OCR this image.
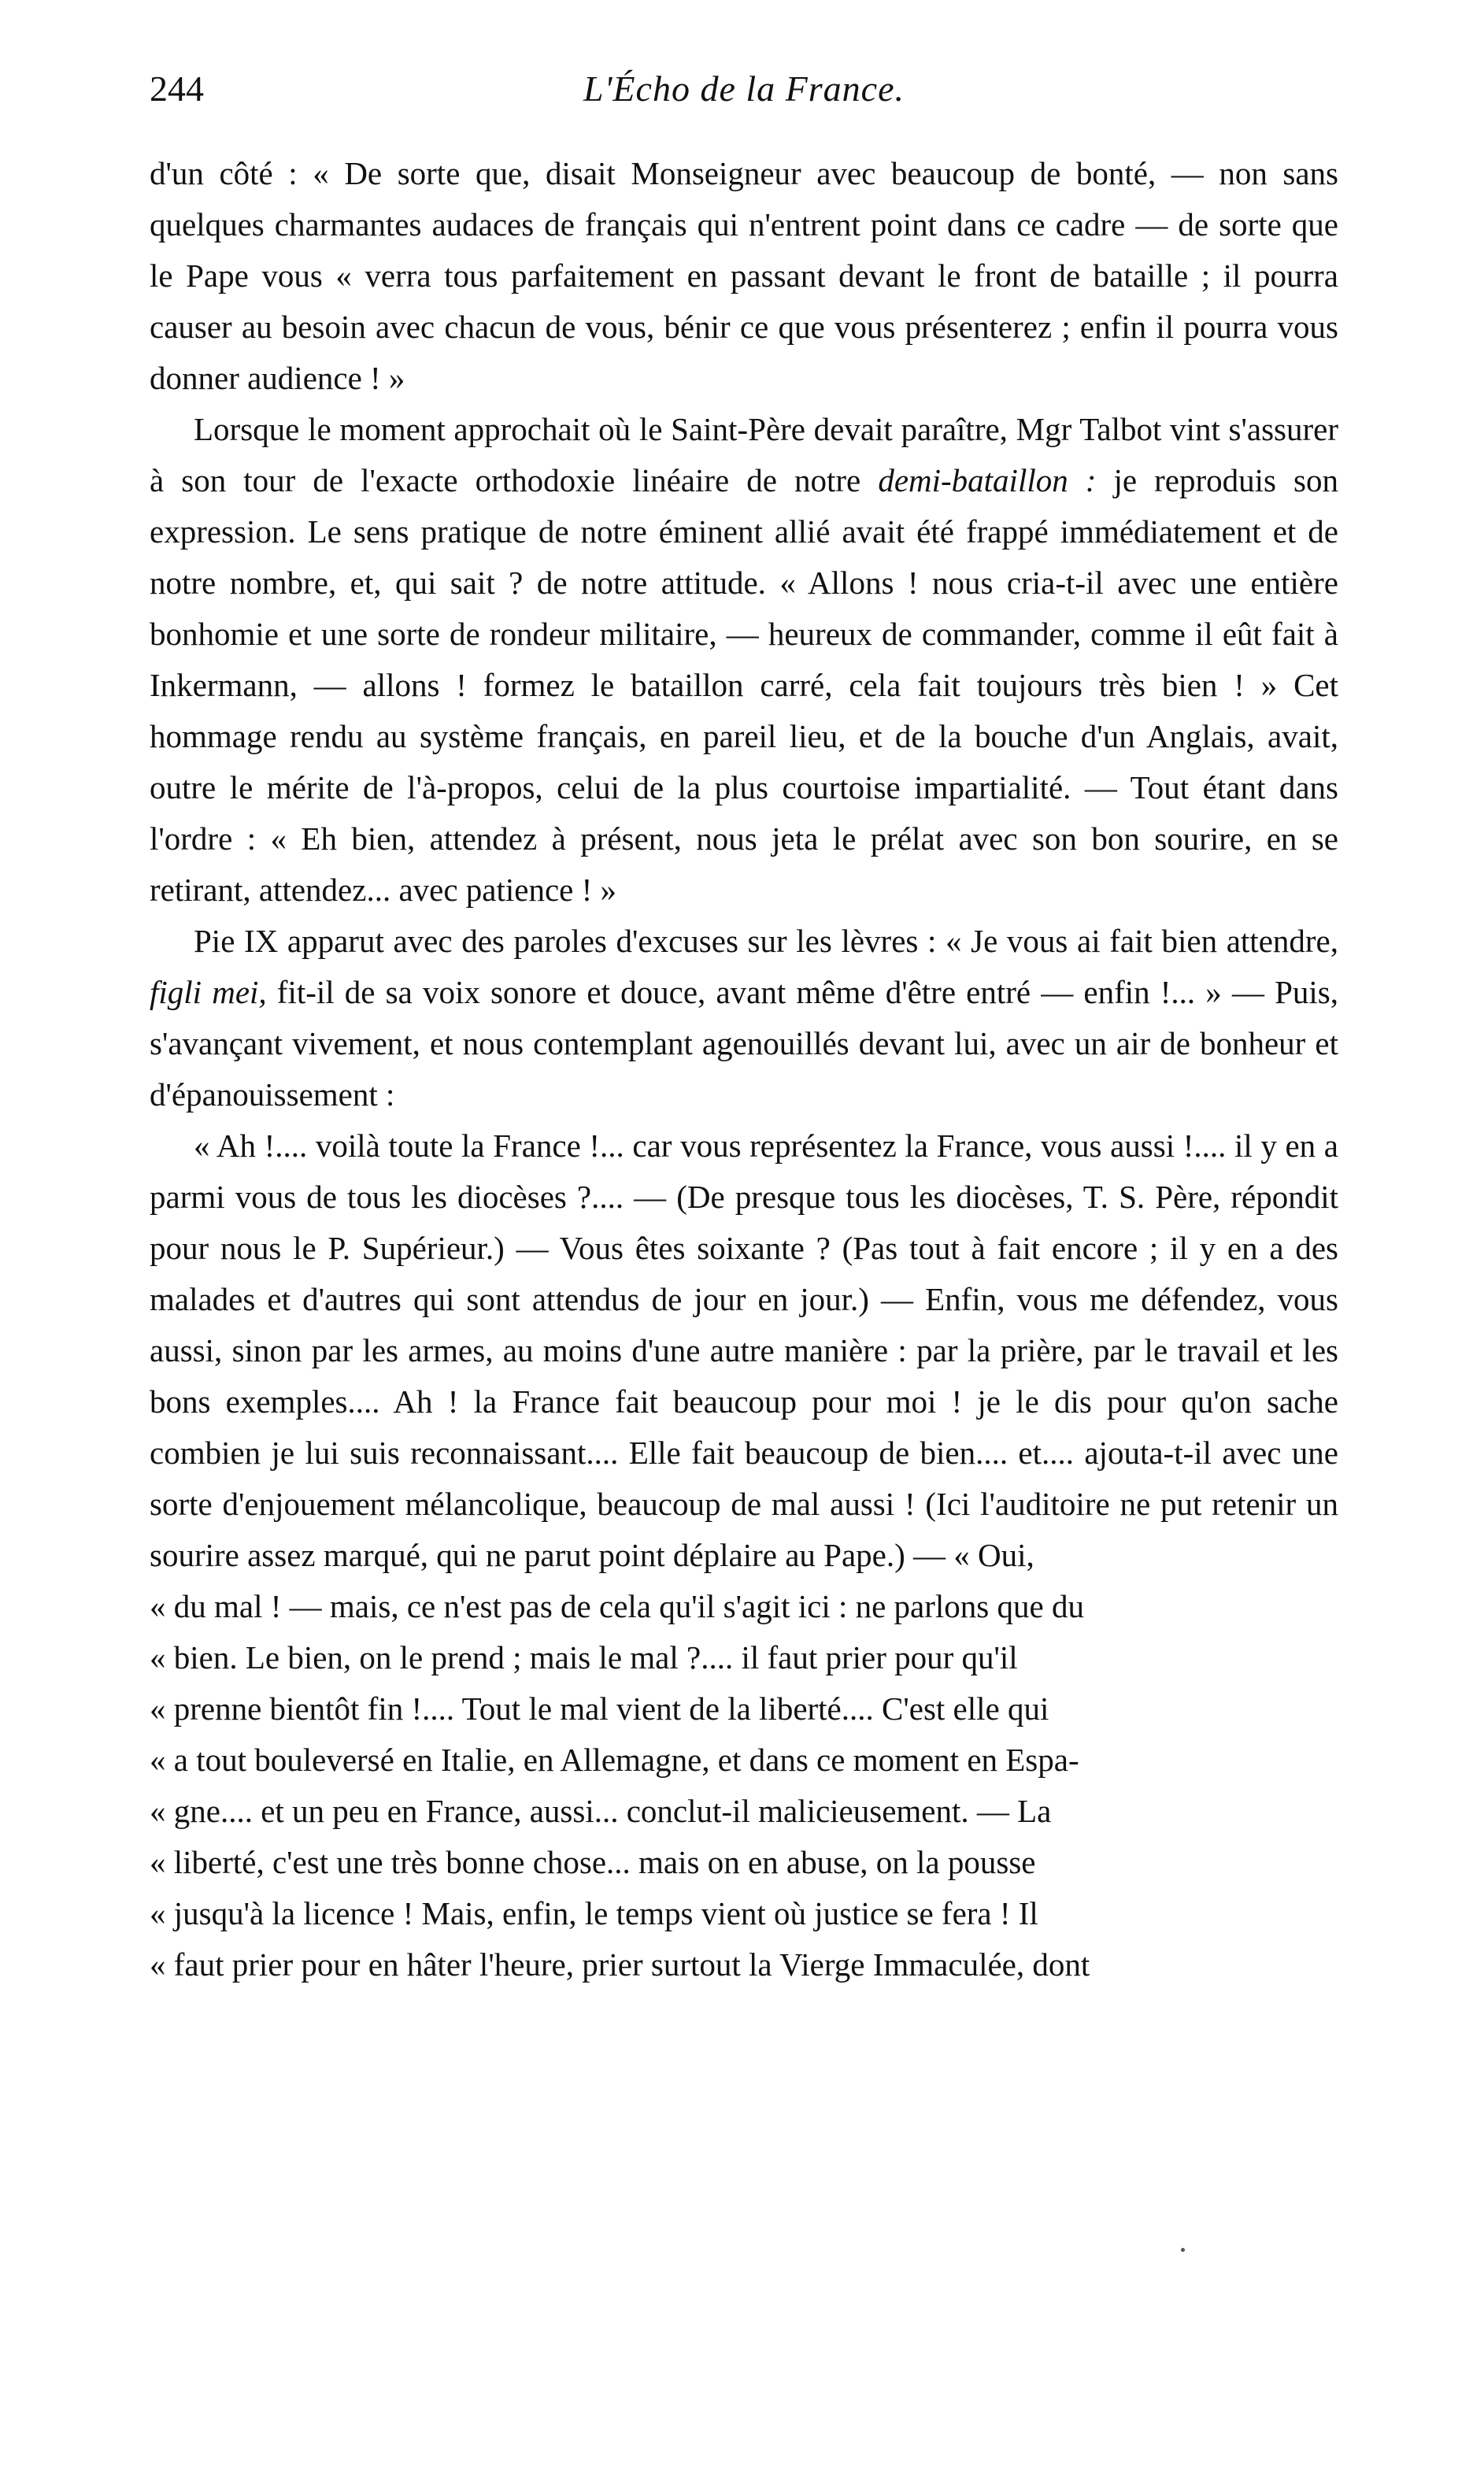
244	L'Écho de la France.

d'un côté : « De sorte que, disait Monseigneur avec beaucoup de bonté, — non sans quelques charmantes audaces de français qui n'entrent point dans ce cadre — de sorte que le Pape vous « verra tous parfaitement en passant devant le front de bataille ; il pourra causer au besoin avec chacun de vous, bénir ce que vous présenterez ; enfin il pourra vous donner audience ! »

Lorsque le moment approchait où le Saint-Père devait paraître, Mgr Talbot vint s'assurer à son tour de l'exacte orthodoxie linéaire de notre demi-bataillon : je reproduis son expression. Le sens pratique de notre éminent allié avait été frappé immédiatement et de notre nombre, et, qui sait ? de notre attitude. « Allons ! nous cria-t-il avec une entière bonhomie et une sorte de rondeur militaire, — heureux de commander, comme il eût fait à Inkermann, — allons ! formez le bataillon carré, cela fait toujours très bien ! » Cet hommage rendu au système français, en pareil lieu, et de la bouche d'un Anglais, avait, outre le mérite de l'à-propos, celui de la plus courtoise impartialité. — Tout étant dans l'ordre : « Eh bien, attendez à présent, nous jeta le prélat avec son bon sourire, en se retirant, attendez... avec patience ! »

Pie IX apparut avec des paroles d'excuses sur les lèvres : « Je vous ai fait bien attendre, figli mei, fit-il de sa voix sonore et douce, avant même d'être entré — enfin !... » — Puis, s'avançant vivement, et nous contemplant agenouillés devant lui, avec un air de bonheur et d'épanouissement :

« Ah !.... voilà toute la France !... car vous représentez la France, vous aussi !.... il y en a parmi vous de tous les diocèses ?.... — (De presque tous les diocèses, T. S. Père, répondit pour nous le P. Supérieur.) — Vous êtes soixante ? (Pas tout à fait encore ; il y en a des malades et d'autres qui sont attendus de jour en jour.) — Enfin, vous me défendez, vous aussi, sinon par les armes, au moins d'une autre manière : par la prière, par le travail et les bons exemples.... Ah ! la France fait beaucoup pour moi ! je le dis pour qu'on sache combien je lui suis reconnaissant.... Elle fait beaucoup de bien.... et.... ajouta-t-il avec une sorte d'enjouement mélancolique, beaucoup de mal aussi ! (Ici l'auditoire ne put retenir un sourire assez marqué, qui ne parut point déplaire au Pape.) — « Oui,

« du mal ! — mais, ce n'est pas de cela qu'il s'agit ici : ne parlons que du
« bien. Le bien, on le prend ; mais le mal ?.... il faut prier pour qu'il
« prenne bientôt fin !.... Tout le mal vient de la liberté.... C'est elle qui
« a tout bouleversé en Italie, en Allemagne, et dans ce moment en Espa-
« gne.... et un peu en France, aussi... conclut-il malicieusement. — La
« liberté, c'est une très bonne chose... mais on en abuse, on la pousse
« jusqu'à la licence ! Mais, enfin, le temps vient où justice se fera ! Il
« faut prier pour en hâter l'heure, prier surtout la Vierge Immaculée, dont
